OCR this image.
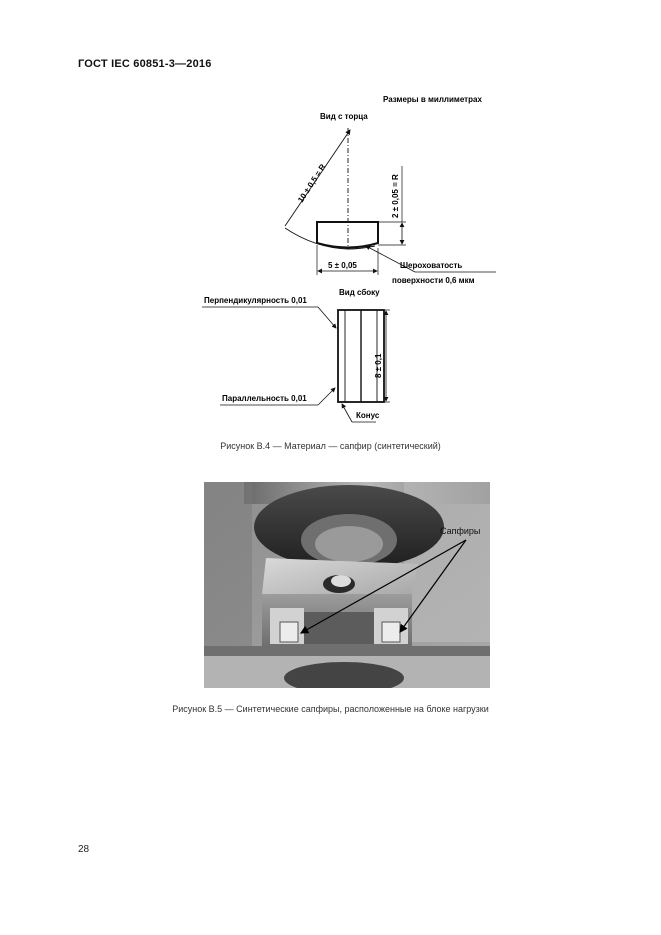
ГОСТ IEC 60851-3—2016
Размеры в миллиметрах
Вид с торца
10 ± 0,5 = R	2 ± 0,05 = R
5 ± 0,05	Шероховатость
поверхности 0,6 мкм
Вид сбоку
Перпендикулярность 0,01
8 ± 0,1
Параллельность 0,01
Конус
Рисунок B.4 — Материал — сапфир (синтетический)
Сапфиры
Рисунок B.5 — Синтетические сапфиры, расположенные на блоке нагрузки
28
